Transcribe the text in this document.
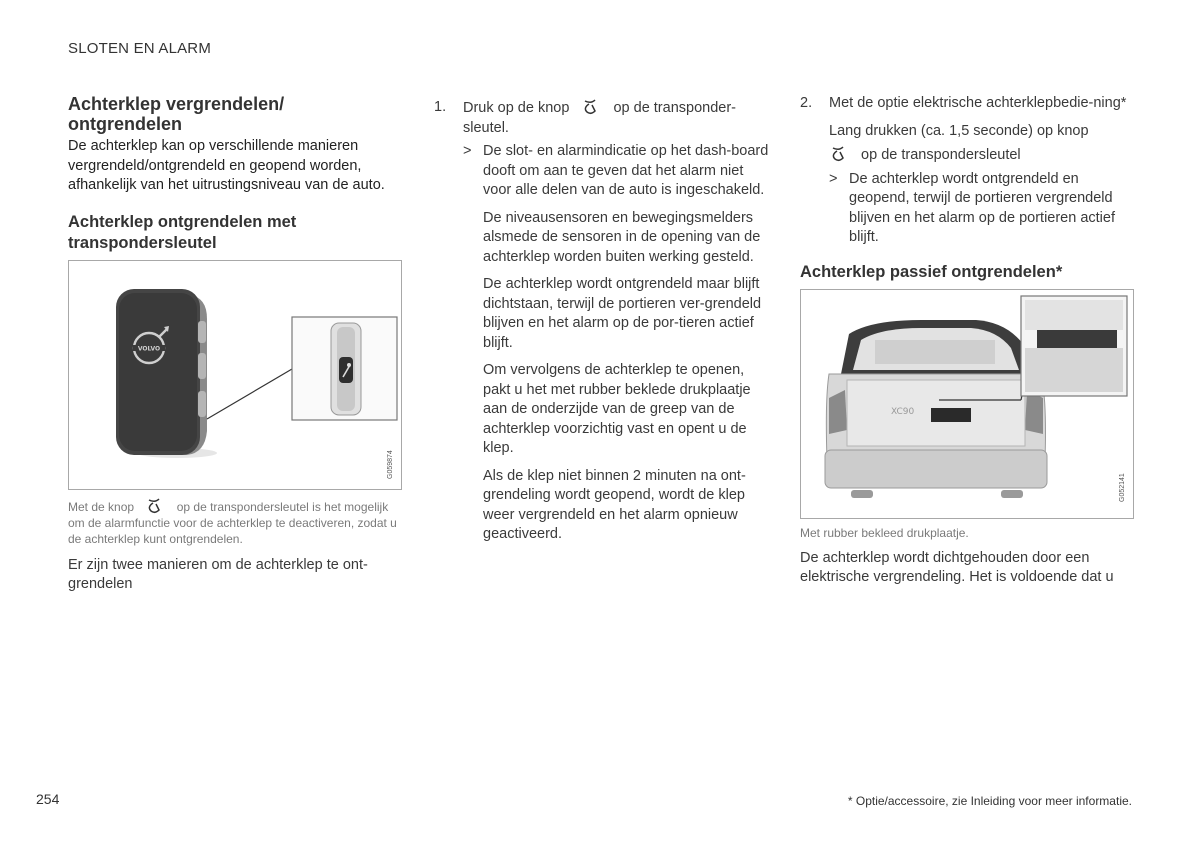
SLOTEN EN ALARM
Achterklep vergrendelen/ ontgrendelen

De achterklep kan op verschillende manieren vergrendeld/ontgrendeld en geopend worden, afhankelijk van het uitrustingsniveau van de auto.

Achterklep ontgrendelen met transpondersleutel
VOLVO
G059874
Met de knop	op de transpondersleutel is het mogelijk om de alarmfunctie voor de achterklep te deactiveren, zodat u de achterklep kunt ontgrendelen.

Er zijn twee manieren om de achterklep te ont-grendelen

1. Druk op de knop	op de transponder-sleutel.
> De slot- en alarmindicatie op het dash-board dooft om aan te geven dat het alarm niet voor alle delen van de auto is ingeschakeld.

De niveausensoren en bewegingsmelders alsmede de sensoren in de opening van de achterklep worden buiten werking gesteld.

De achterklep wordt ontgrendeld maar blijft dichtstaan, terwijl de portieren ver-grendeld blijven en het alarm op de por-tieren actief blijft.

Om vervolgens de achterklep te openen, pakt u het met rubber beklede drukplaatje aan de onderzijde van de greep van de achterklep voorzichtig vast en opent u de klep.

Als de klep niet binnen 2 minuten na ont-grendeling wordt geopend, wordt de klep weer vergrendeld en het alarm opnieuw geactiveerd.

2. Met de optie elektrische achterklepbedie-ning*

Lang drukken (ca. 1,5 seconde) op knop

op de transpondersleutel
> De achterklep wordt ontgrendeld en geopend, terwijl de portieren vergrendeld blijven en het alarm op de portieren actief blijft.
Achterklep passief ontgrendelen*
XC90
G052141
Met rubber bekleed drukplaatje.

De achterklep wordt dichtgehouden door een elektrische vergrendeling. Het is voldoende dat u

254	* Optie/accessoire, zie Inleiding voor meer informatie.
